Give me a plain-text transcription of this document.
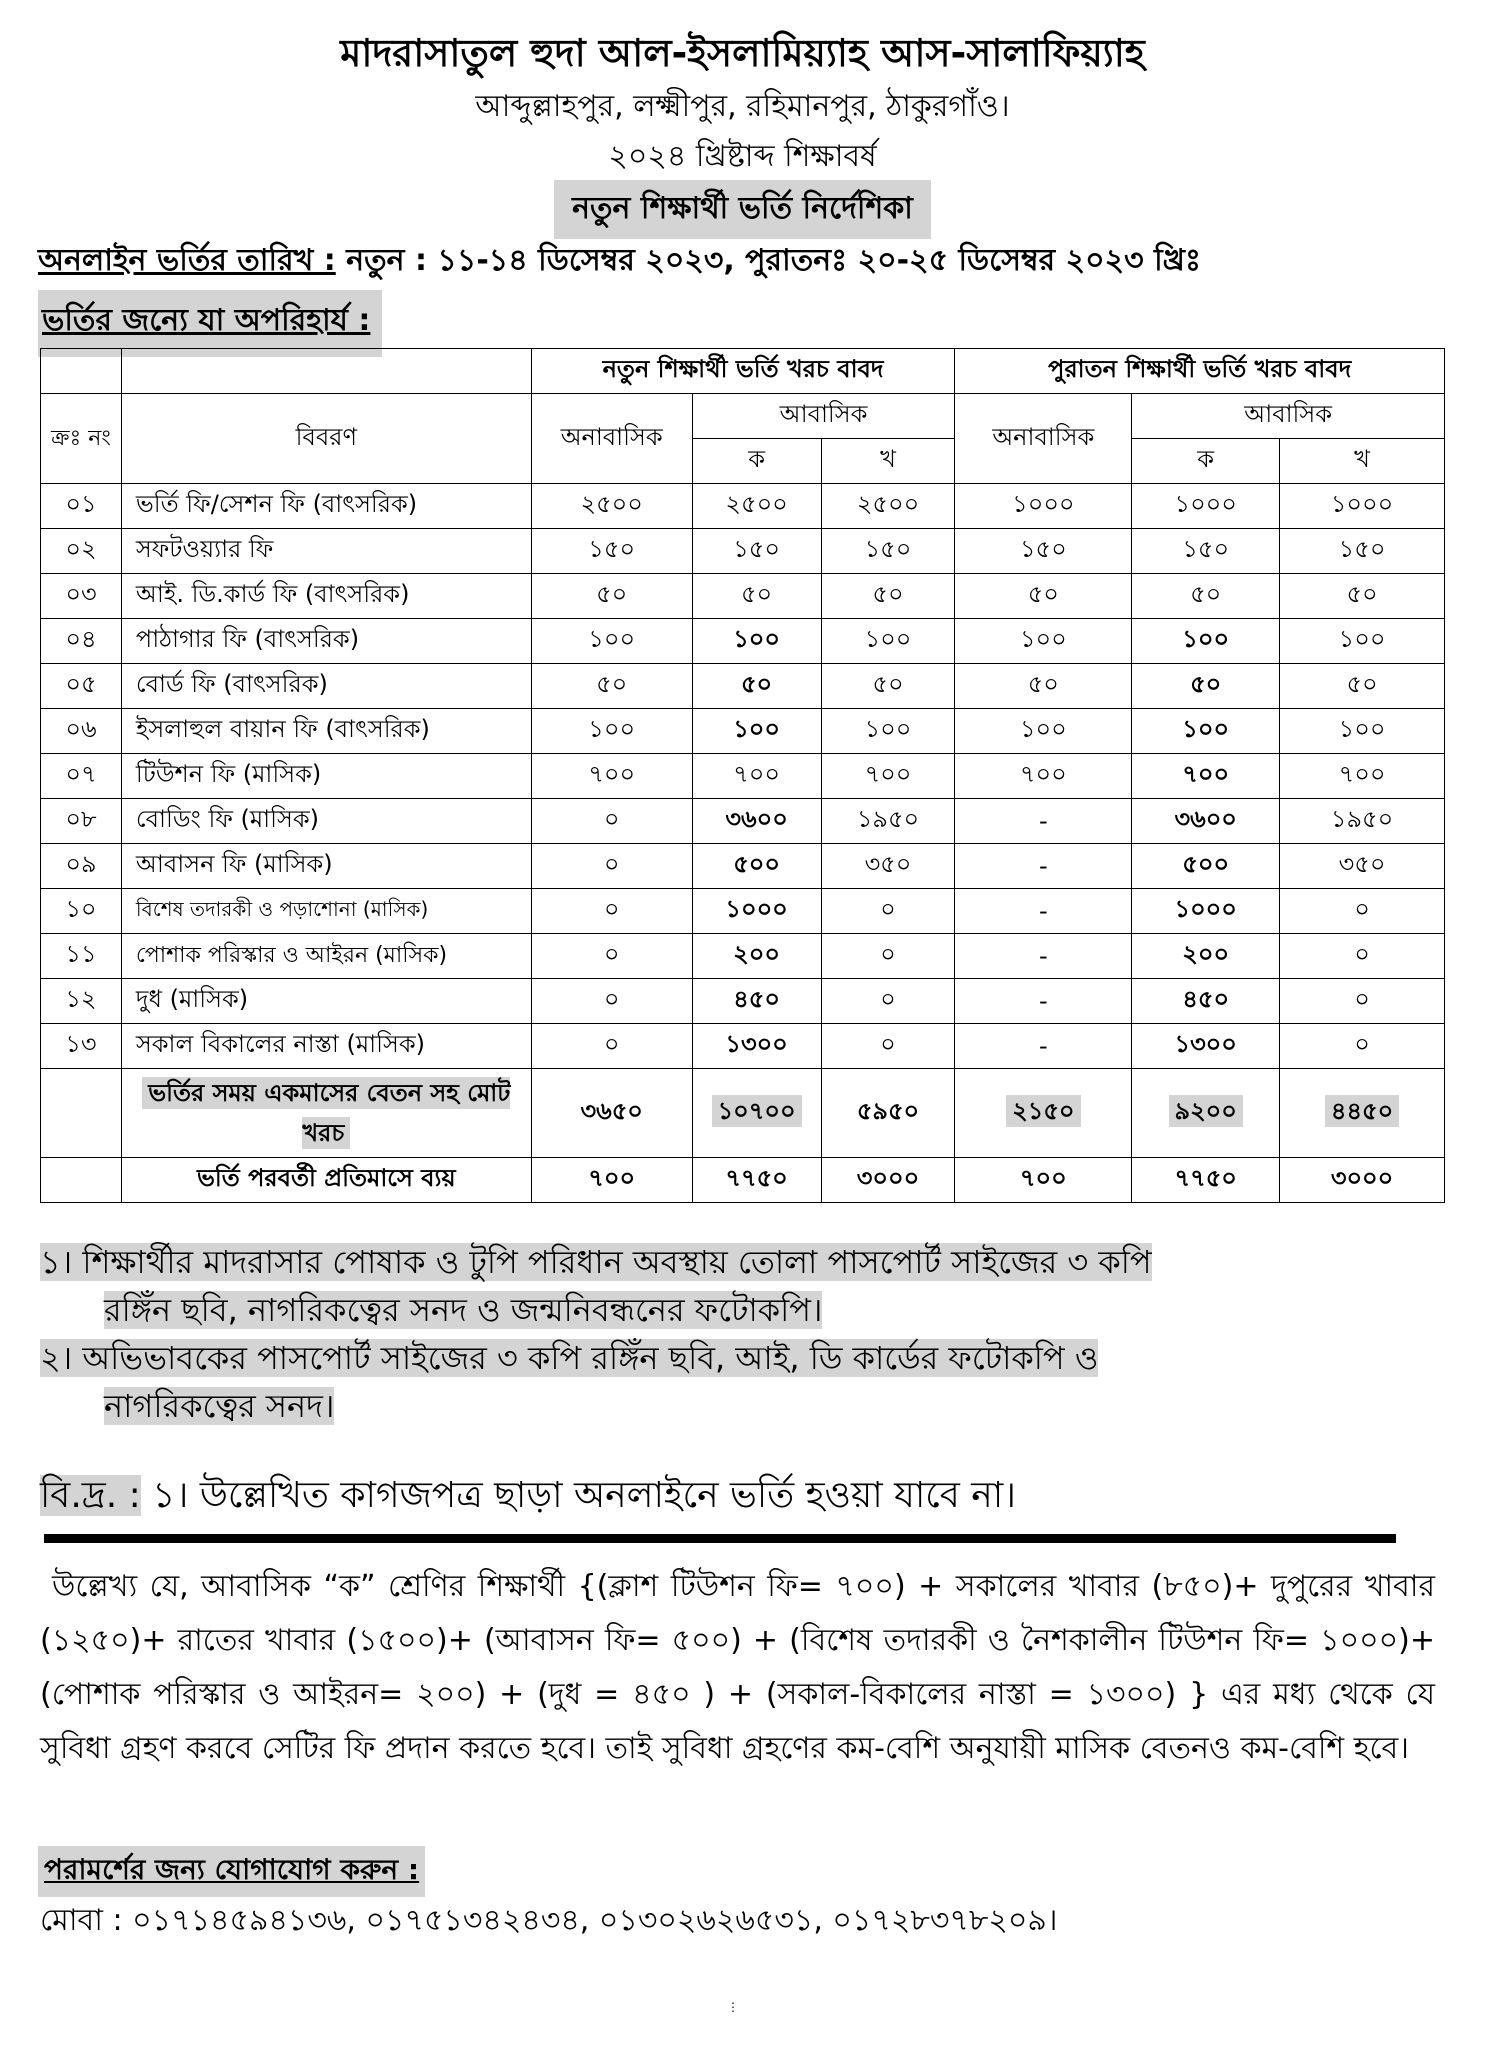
মাদরাসাতুল হুদা আল-ইসলামিয়্যাহ আস-সালাফিয়্যাহ
আব্দুল্লাহপুর, লক্ষ্মীপুর, রহিমানপুর, ঠাকুরগাঁও।
২০২৪ খ্রিষ্টাব্দ শিক্ষাবর্ষ
নতুন শিক্ষার্থী ভর্তি নির্দেশিকা
অনলাইন ভর্তির তারিখ : নতুন : ১১-১৪ ডিসেম্বর ২০২৩, পুরাতনঃ ২০-২৫ ডিসেম্বর ২০২৩ খ্রিঃ
ভর্তির জন্যে যা অপরিহার্য :
		নতুন শিক্ষার্থী ভর্তি খরচ বাবদ			পুরাতন শিক্ষার্থী ভর্তি খরচ বাবদ		
ক্রঃ নং	বিবরণ	অনাবাসিক	আবাসিক		অনাবাসিক	আবাসিক	
			ক	খ		ক	খ
০১	ভর্তি ফি/সেশন ফি (বাৎসরিক)	২৫০০	২৫০০	২৫০০	১০০০	১০০০	১০০০
০২	সফটওয়্যার ফি	১৫০	১৫০	১৫০	১৫০	১৫০	১৫০
০৩	আই. ডি.কার্ড ফি (বাৎসরিক)	৫০	৫০	৫০	৫০	৫০	৫০
০৪	পাঠাগার ফি (বাৎসরিক)	১০০	১০০	১০০	১০০	১০০	১০০
০৫	বোর্ড ফি (বাৎসরিক)	৫০	৫০	৫০	৫০	৫০	৫০
০৬	ইসলাহুল বায়ান ফি (বাৎসরিক)	১০০	১০০	১০০	১০০	১০০	১০০
০৭	টিউশন ফি (মাসিক)	৭০০	৭০০	৭০০	৭০০	৭০০	৭০০
০৮	বোডিং ফি (মাসিক)	০	৩৬০০	১৯৫০	-	৩৬০০	১৯৫০
০৯	আবাসন ফি (মাসিক)	০	৫০০	৩৫০	-	৫০০	৩৫০
১০	বিশেষ তদারকী ও পড়াশোনা (মাসিক)	০	১০০০	০	-	১০০০	০
১১	পোশাক পরিস্কার ও আইরন (মাসিক)	০	২০০	০	-	২০০	০
১২	দুধ (মাসিক)	০	৪৫০	০	-	৪৫০	০
১৩	সকাল বিকালের নাস্তা (মাসিক)	০	১৩০০	০	-	১৩০০	০
	ভর্তির সময় একমাসের বেতন সহ মোট খরচ	৩৬৫০	১০৭০০	৫৯৫০	২১৫০	৯২০০	৪৪৫০
	ভর্তি পরবর্তী প্রতিমাসে ব্যয়	৭০০	৭৭৫০	৩০০০	৭০০	৭৭৫০	৩০০০
১। শিক্ষার্থীর মাদরাসার পোষাক ও টুপি পরিধান অবস্থায় তোলা পাসপোর্ট সাইজের ৩ কপি
রঙ্গিঁন ছবি, নাগরিকত্বের সনদ ও জন্মনিবন্ধনের ফটোকপি।
২। অভিভাবকের পাসপোর্ট সাইজের ৩ কপি রঙ্গিঁন ছবি, আই, ডি কার্ডের ফটোকপি ও
নাগরিকত্বের সনদ।
বি.দ্র. : ১। উল্লেখিত কাগজপত্র ছাড়া অনলাইনে ভর্তি হওয়া যাবে না।
উল্লেখ্য যে, আবাসিক “ক” শ্রেণির শিক্ষার্থী {(ক্লাশ টিউশন ফি= ৭০০) + সকালের খাবার (৮৫০)+ দুপুরের খাবার (১২৫০)+ রাতের খাবার (১৫০০)+ (আবাসন ফি= ৫০০) + (বিশেষ তদারকী ও নৈশকালীন টিউশন ফি= ১০০০)+ (পোশাক পরিস্কার ও আইরন= ২০০) + (দুধ = ৪৫০ ) + (সকাল-বিকালের নাস্তা = ১৩০০) } এর মধ্য থেকে যে সুবিধা গ্রহণ করবে সেটির ফি প্রদান করতে হবে। তাই সুবিধা গ্রহণের কম-বেশি অনুযায়ী মাসিক বেতনও কম-বেশি হবে।
পরামর্শের জন্য যোগাযোগ করুন :
মোবা : ০১৭১৪৫৯৪১৩৬, ০১৭৫১৩৪২৪৩৪, ০১৩০২৬২৬৫৩১, ০১৭২৮৩৭৮২০৯।
⋮
